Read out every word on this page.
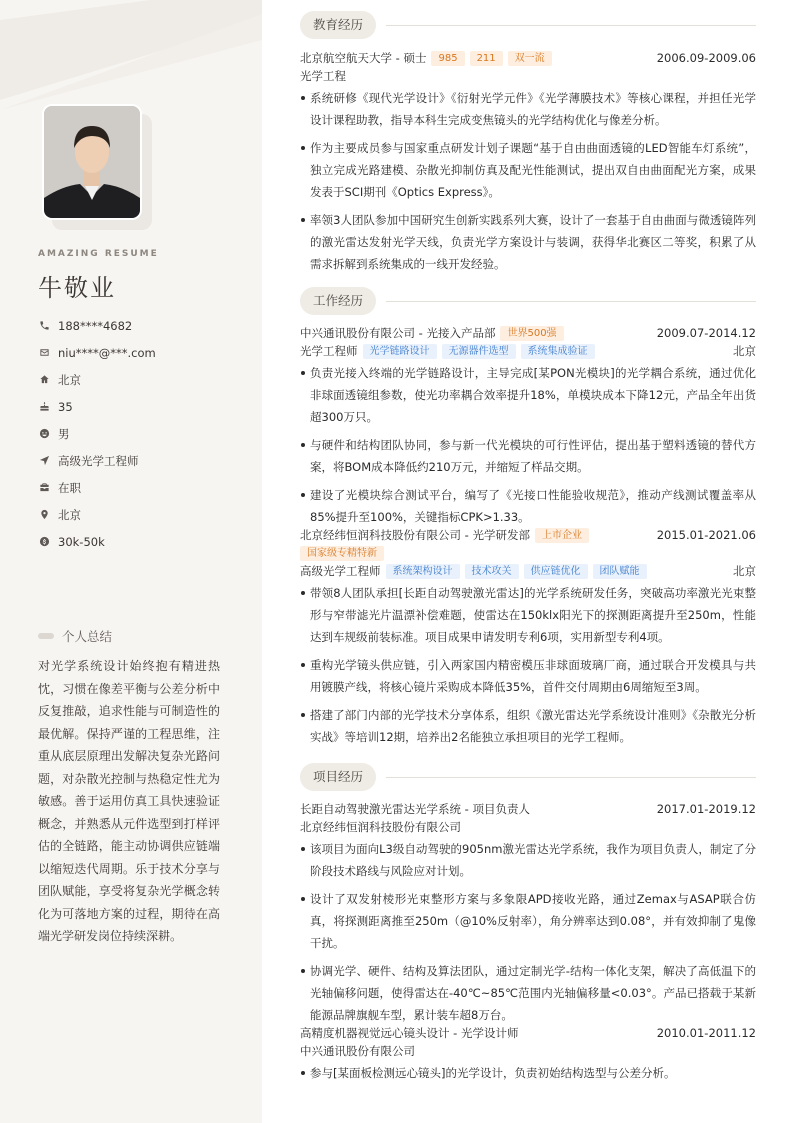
AMAZING RESUME
牛敬业
188****4682
niu****@***.com
北京
35
男
高级光学工程师
在职
北京
30k-50k
个人总结
对光学系统设计始终抱有精进热忱，习惯在像差平衡与公差分析中反复推敲，追求性能与可制造性的最优解。保持严谨的工程思维，注重从底层原理出发解决复杂光路问题，对杂散光控制与热稳定性尤为敏感。善于运用仿真工具快速验证概念，并熟悉从元件选型到打样评估的全链路，能主动协调供应链端以缩短迭代周期。乐于技术分享与团队赋能，享受将复杂光学概念转化为可落地方案的过程，期待在高端光学研发岗位持续深耕。
教育经历
北京航空航天大学 - 硕士	985	211	双一流	2006.09-2009.06
光学工程
系统研修《现代光学设计》《衍射光学元件》《光学薄膜技术》等核心课程，并担任光学设计课程助教，指导本科生完成变焦镜头的光学结构优化与像差分析。
作为主要成员参与国家重点研发计划子课题“基于自由曲面透镜的LED智能车灯系统”，独立完成光路建模、杂散光抑制仿真及配光性能测试，提出双自由曲面配光方案，成果发表于SCI期刊《Optics Express》。
率领3人团队参加中国研究生创新实践系列大赛，设计了一套基于自由曲面与微透镜阵列的激光雷达发射光学天线，负责光学方案设计与装调，获得华北赛区二等奖，积累了从需求拆解到系统集成的一线开发经验。
工作经历
中兴通讯股份有限公司 - 光接入产品部	世界500强	2009.07-2014.12
光学工程师	光学链路设计	无源器件选型	系统集成验证	北京
负责光接入终端的光学链路设计，主导完成[某PON光模块]的光学耦合系统，通过优化非球面透镜组参数，使光功率耦合效率提升18%，单模块成本下降12元，产品全年出货超300万只。
与硬件和结构团队协同，参与新一代光模块的可行性评估，提出基于塑料透镜的替代方案，将BOM成本降低约210万元，并缩短了样品交期。
建设了光模块综合测试平台，编写了《光接口性能验收规范》，推动产线测试覆盖率从85%提升至100%，关键指标CPK>1.33。
北京经纬恒润科技股份有限公司 - 光学研发部	上市企业	2015.01-2021.06
国家级专精特新
高级光学工程师	系统架构设计	技术攻关	供应链优化	团队赋能	北京
带领8人团队承担[长距自动驾驶激光雷达]的光学系统研发任务，突破高功率激光光束整形与窄带滤光片温漂补偿难题，使雷达在150klx阳光下的探测距离提升至250m，性能达到车规级前装标准。项目成果申请发明专利6项，实用新型专利4项。
重构光学镜头供应链，引入两家国内精密模压非球面玻璃厂商，通过联合开发模具与共用镀膜产线，将核心镜片采购成本降低35%，首件交付周期由6周缩短至3周。
搭建了部门内部的光学技术分享体系，组织《激光雷达光学系统设计准则》《杂散光分析实战》等培训12期，培养出2名能独立承担项目的光学工程师。
项目经历
长距自动驾驶激光雷达光学系统 - 项目负责人	2017.01-2019.12
北京经纬恒润科技股份有限公司
该项目为面向L3级自动驾驶的905nm激光雷达光学系统，我作为项目负责人，制定了分阶段技术路线与风险应对计划。
设计了双发射棱形光束整形方案与多象限APD接收光路，通过Zemax与ASAP联合仿真，将探测距离推至250m（@10%反射率），角分辨率达到0.08°，并有效抑制了鬼像干扰。
协调光学、硬件、结构及算法团队，通过定制光学-结构一体化支架，解决了高低温下的光轴偏移问题，使得雷达在-40℃~85℃范围内光轴偏移量<0.03°。产品已搭载于某新能源品牌旗舰车型，累计装车超8万台。
高精度机器视觉远心镜头设计 - 光学设计师	2010.01-2011.12
中兴通讯股份有限公司
参与[某面板检测远心镜头]的光学设计，负责初始结构选型与公差分析。
